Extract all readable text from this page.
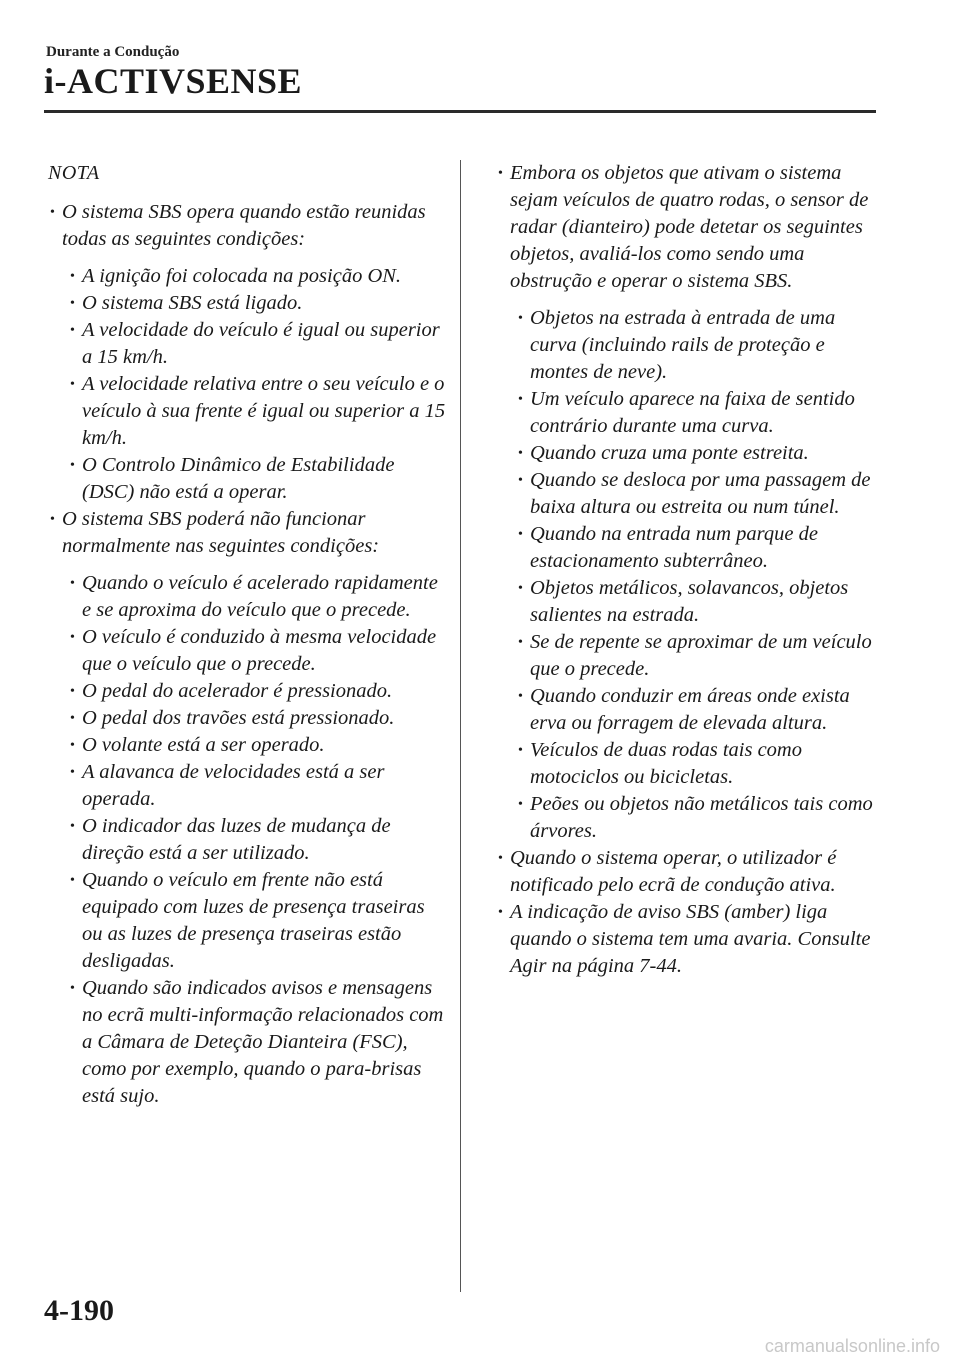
Durante a Condução
i-ACTIVSENSE
NOTA
• O sistema SBS opera quando estão reunidas todas as seguintes condições:
• A ignição foi colocada na posição ON.
• O sistema SBS está ligado.
• A velocidade do veículo é igual ou superior a 15 km/h.
• A velocidade relativa entre o seu veículo e o veículo à sua frente é igual ou superior a 15 km/h.
• O Controlo Dinâmico de Estabilidade (DSC) não está a operar.
• O sistema SBS poderá não funcionar normalmente nas seguintes condições:
• Quando o veículo é acelerado rapidamente e se aproxima do veículo que o precede.
• O veículo é conduzido à mesma velocidade que o veículo que o precede.
• O pedal do acelerador é pressionado.
• O pedal dos travões está pressionado.
• O volante está a ser operado.
• A alavanca de velocidades está a ser operada.
• O indicador das luzes de mudança de direção está a ser utilizado.
• Quando o veículo em frente não está equipado com luzes de presença traseiras ou as luzes de presença traseiras estão desligadas.
• Quando são indicados avisos e mensagens no ecrã multi-informação relacionados com a Câmara de Deteção Dianteira (FSC), como por exemplo, quando o para-brisas está sujo.
• Embora os objetos que ativam o sistema sejam veículos de quatro rodas, o sensor de radar (dianteiro) pode detetar os seguintes objetos, avaliá-los como sendo uma obstrução e operar o sistema SBS.
• Objetos na estrada à entrada de uma curva (incluindo rails de proteção e montes de neve).
• Um veículo aparece na faixa de sentido contrário durante uma curva.
• Quando cruza uma ponte estreita.
• Quando se desloca por uma passagem de baixa altura ou estreita ou num túnel.
• Quando na entrada num parque de estacionamento subterrâneo.
• Objetos metálicos, solavancos, objetos salientes na estrada.
• Se de repente se aproximar de um veículo que o precede.
• Quando conduzir em áreas onde exista erva ou forragem de elevada altura.
• Veículos de duas rodas tais como motociclos ou bicicletas.
• Peões ou objetos não metálicos tais como árvores.
• Quando o sistema operar, o utilizador é notificado pelo ecrã de condução ativa.
• A indicação de aviso SBS (amber) liga quando o sistema tem uma avaria. Consulte Agir na página 7-44.
4-190
carmanualsonline.info
